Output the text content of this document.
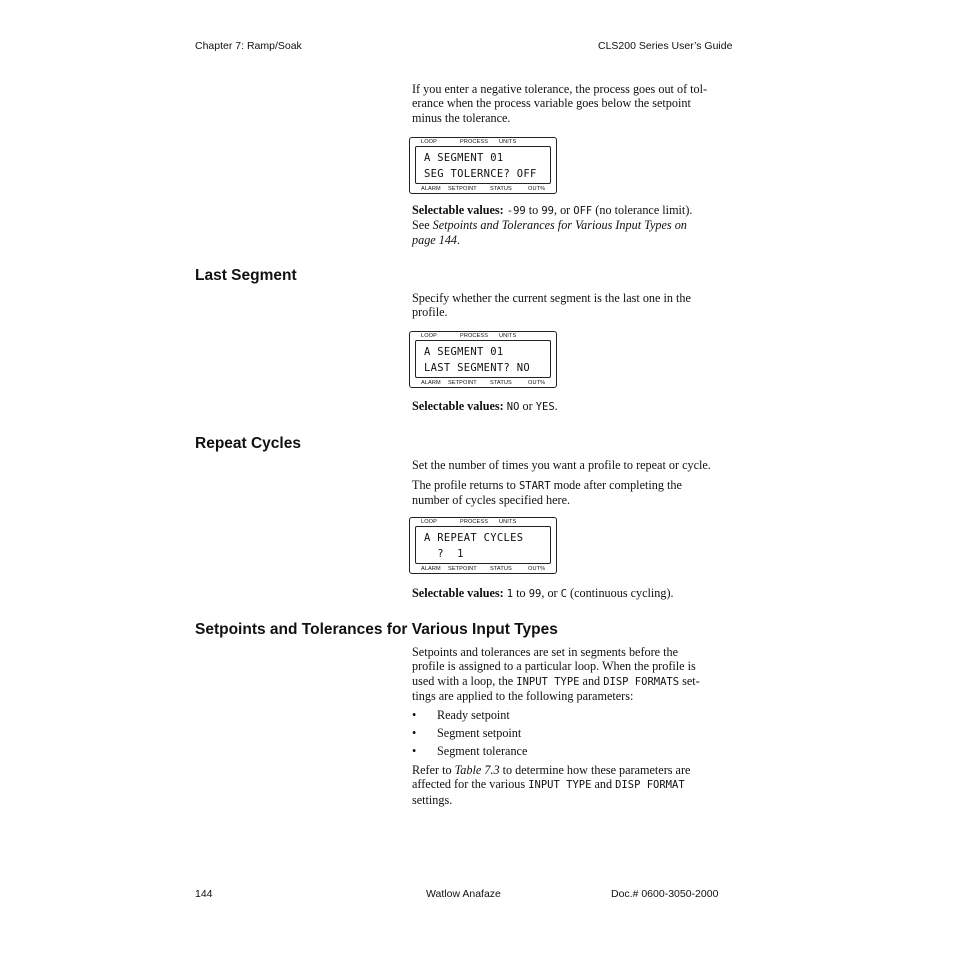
Chapter 7: Ramp/Soak	CLS200 Series User’s Guide
If you enter a negative tolerance, the process goes out of tol-
erance when the process variable goes below the setpoint
minus the tolerance.
LOOP	PROCESS UNITS
A SEGMENT 01
SEG TOLERNCE? OFF
ALARM SETPOINT STATUS	OUT%
Selectable values: -99 to 99, or OFF (no tolerance limit).
See Setpoints and Tolerances for Various Input Types on
page 144.
Last Segment
Specify whether the current segment is the last one in the
profile.
LOOP	PROCESS UNITS
A SEGMENT 01
LAST SEGMENT? NO
ALARM SETPOINT STATUS	OUT%
Selectable values: NO or YES.
Repeat Cycles
Set the number of times you want a profile to repeat or cycle.
The profile returns to START mode after completing the
number of cycles specified here.
LOOP	PROCESS UNITS
A REPEAT CYCLES
?  1
ALARM SETPOINT STATUS	OUT%
Selectable values: 1 to 99, or C (continuous cycling).
Setpoints and Tolerances for Various Input Types
Setpoints and tolerances are set in segments before the
profile is assigned to a particular loop. When the profile is
used with a loop, the INPUT TYPE and DISP FORMATS set-
tings are applied to the following parameters:
• Ready setpoint
• Segment setpoint
• Segment tolerance
Refer to Table 7.3 to determine how these parameters are
affected for the various INPUT TYPE and DISP FORMAT
settings.
144	Watlow Anafaze	Doc.# 0600-3050-2000
